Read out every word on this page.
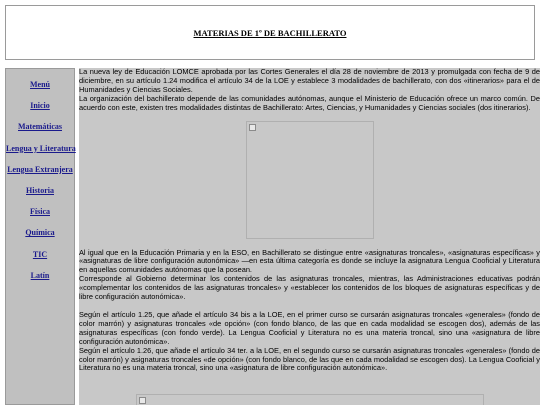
MATERIAS DE 1º DE BACHILLERATO
Menú
Inicio
Matemáticas
Lengua y Literatura
Lengua Extranjera
Historia
Física
Química
TIC
Latín

La nueva ley de Educación LOMCE aprobada por las Cortes Generales el día 28 de noviembre de 2013 y promulgada con fecha de 9 de diciembre, en su artículo 1.24 modifica el artículo 34 de la LOE y establece 3 modalidades de bachillerato, con dos «itinerarios» para el de Humanidades y Ciencias Sociales.

La organización del bachillerato depende de las comunidades autónomas, aunque el Ministerio de Educación ofrece un marco común. De acuerdo con este, existen tres modalidades distintas de Bachillerato: Artes, Ciencias, y Humanidades y Ciencias sociales (dos itinerarios).

Al igual que en la Educación Primaria y en la ESO, en Bachillerato se distingue entre «asignaturas troncales», «asignaturas específicas» y «asignaturas de libre configuración autonómica» —en esta última categoría es donde se incluye la asignatura Lengua Cooficial y Literatura en aquellas comunidades autónomas que la posean.

Corresponde al Gobierno determinar los contenidos de las asignaturas troncales, mientras, las Administraciones educativas podrán «complementar los contenidos de las asignaturas troncales» y «establecer los contenidos de los bloques de asignaturas específicas y de libre configuración autonómica».

Según el artículo 1.25, que añade el artículo 34 bis a la LOE, en el primer curso se cursarán asignaturas troncales «generales» (fondo de color marrón) y asignaturas troncales «de opción» (con fondo blanco, de las que en cada modalidad se escogen dos), además de las asignaturas específicas (con fondo verde). La Lengua Cooficial y Literatura no es una materia troncal, sino una «asignatura de libre configuración autonómica».

Según el artículo 1.26, que añade el artículo 34 ter. a la LOE, en el segundo curso se cursarán asignaturas troncales «generales» (fondo de color marrón) y asignaturas troncales «de opción» (con fondo blanco, de las que en cada modalidad se escogen dos). La Lengua Cooficial y Literatura no es una materia troncal, sino una «asignatura de libre configuración autonómica».
